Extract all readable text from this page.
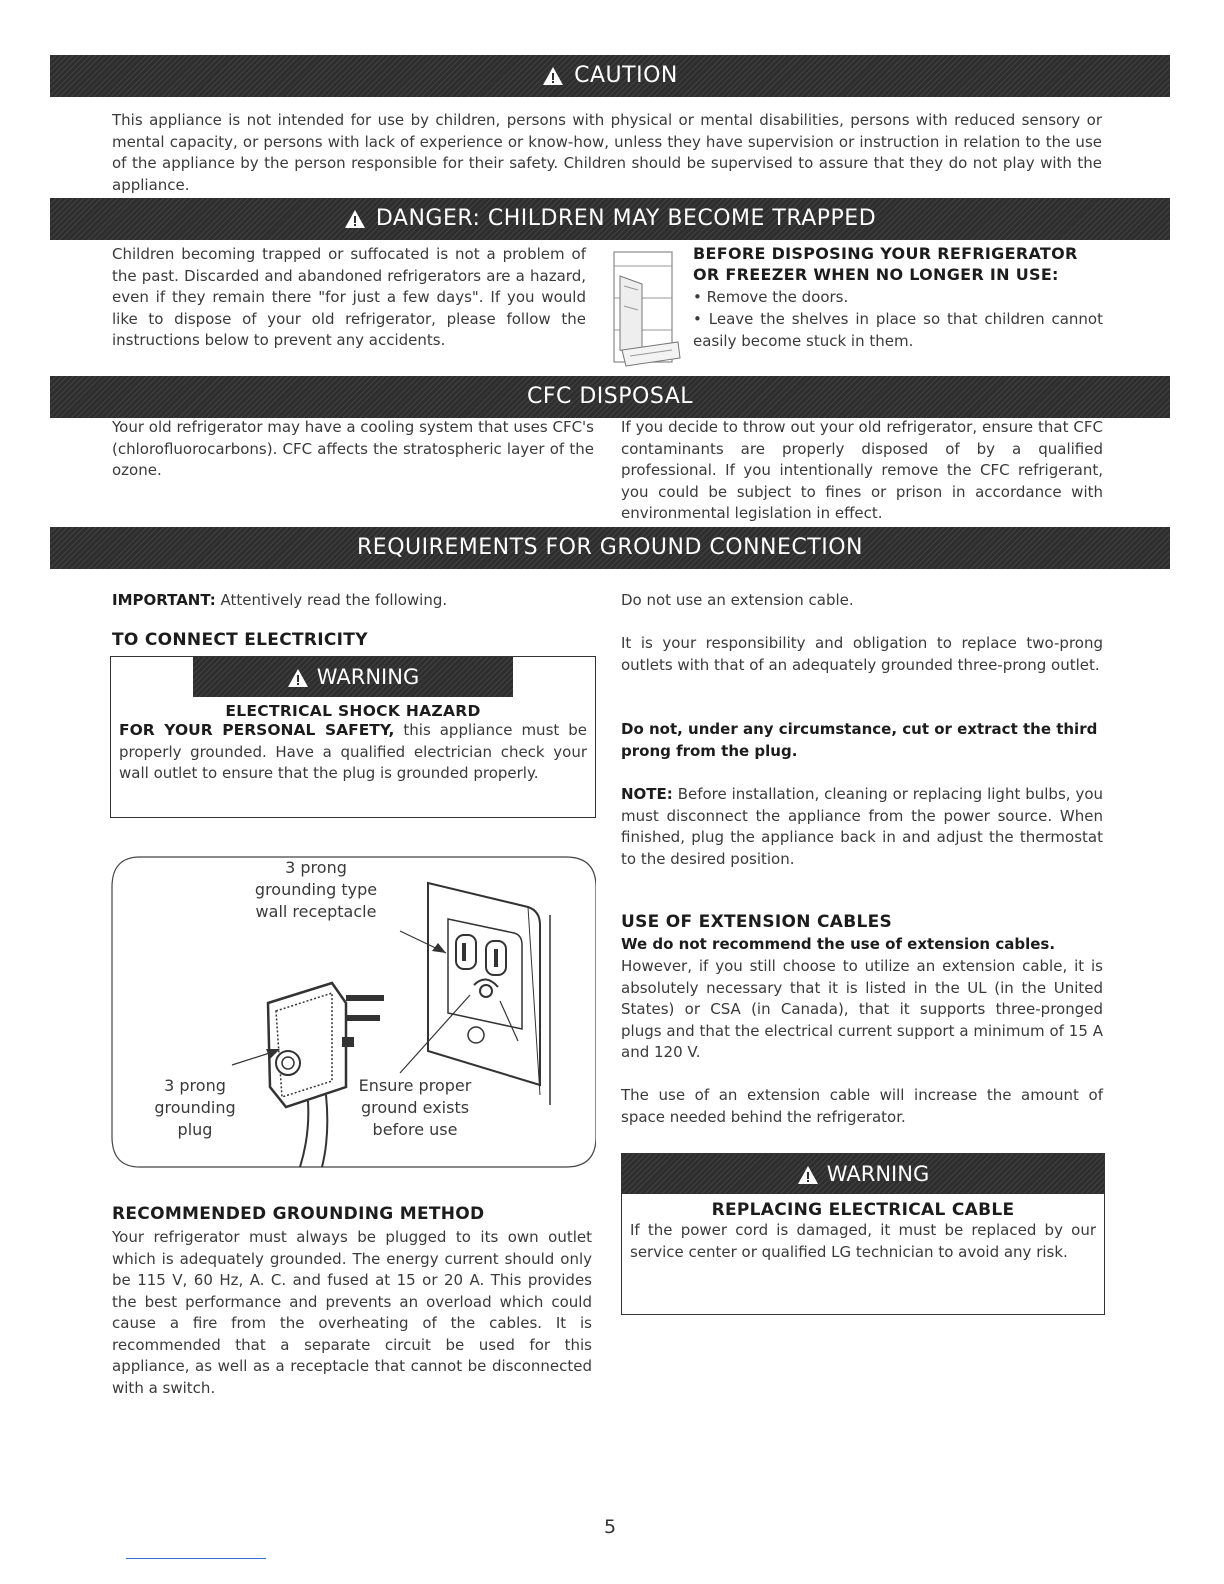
CAUTION
This appliance is not intended for use by children, persons with physical or mental disabilities, persons with reduced sensory or mental capacity, or persons with lack of experience or know-how, unless they have supervision or instruction in relation to the use of the appliance by the person responsible for their safety. Children should be supervised to assure that they do not play with the appliance.
DANGER: CHILDREN MAY BECOME TRAPPED
Children becoming trapped or suffocated is not a problem of the past. Discarded and abandoned refrigerators are a hazard, even if they remain there "for just a few days". If you would like to dispose of your old refrigerator, please follow the instructions below to prevent any accidents.
BEFORE DISPOSING YOUR REFRIGERATOR OR FREEZER WHEN NO LONGER IN USE:
• Remove the doors.
• Leave the shelves in place so that children cannot easily become stuck in them.
CFC DISPOSAL
Your old refrigerator may have a cooling system that uses CFC's (chlorofluorocarbons). CFC affects the stratospheric layer of the ozone.
If you decide to throw out your old refrigerator, ensure that CFC contaminants are properly disposed of by a qualified professional. If you intentionally remove the CFC refrigerant, you could be subject to fines or prison in accordance with environmental legislation in effect.
REQUIREMENTS FOR GROUND CONNECTION
IMPORTANT: Attentively read the following.
TO CONNECT ELECTRICITY
WARNING
ELECTRICAL SHOCK HAZARD
FOR YOUR PERSONAL SAFETY, this appliance must be properly grounded. Have a qualified electrician check your wall outlet to ensure that the plug is grounded properly.
3 prong
grounding type
wall receptacle
3 prong
grounding
plug
Ensure proper
ground exists
before use
RECOMMENDED GROUNDING METHOD
Your refrigerator must always be plugged to its own outlet which is adequately grounded. The energy current should only be 115 V, 60 Hz, A. C. and fused at 15 or 20 A. This provides the best performance and prevents an overload which could cause a fire from the overheating of the cables. It is recommended that a separate circuit be used for this appliance, as well as a receptacle that cannot be disconnected with a switch.
Do not use an extension cable.
It is your responsibility and obligation to replace two-prong outlets with that of an adequately grounded three-prong outlet.
Do not, under any circumstance, cut or extract the third prong from the plug.
NOTE: Before installation, cleaning or replacing light bulbs, you must disconnect the appliance from the power source. When finished, plug the appliance back in and adjust the thermostat to the desired position.
USE OF EXTENSION CABLES
We do not recommend the use of extension cables.
However, if you still choose to utilize an extension cable, it is absolutely necessary that it is listed in the UL (in the United States) or CSA (in Canada), that it supports three-pronged plugs and that the electrical current support a minimum of 15 A and 120 V.
The use of an extension cable will increase the amount of space needed behind the refrigerator.
WARNING
REPLACING ELECTRICAL CABLE
If the power cord is damaged, it must be replaced by our service center or qualified LG technician to avoid any risk.
5
